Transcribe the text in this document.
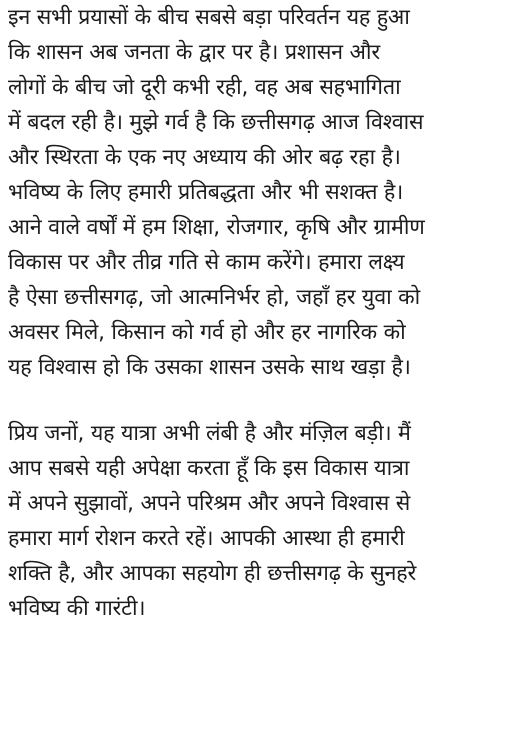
इन सभी प्रयासों के बीच सबसे बड़ा परिवर्तन यह हुआ
कि शासन अब जनता के द्वार पर है। प्रशासन और
लोगों के बीच जो दूरी कभी रही, वह अब सहभागिता
में बदल रही है। मुझे गर्व है कि छत्तीसगढ़ आज विश्वास
और स्थिरता के एक नए अध्याय की ओर बढ़ रहा है।
भविष्य के लिए हमारी प्रतिबद्धता और भी सशक्त है।
आने वाले वर्षों में हम शिक्षा, रोजगार, कृषि और ग्रामीण
विकास पर और तीव्र गति से काम करेंगे। हमारा लक्ष्य
है ऐसा छत्तीसगढ़, जो आत्मनिर्भर हो, जहाँ हर युवा को
अवसर मिले, किसान को गर्व हो और हर नागरिक को
यह विश्वास हो कि उसका शासन उसके साथ खड़ा है।
प्रिय जनों, यह यात्रा अभी लंबी है और मंज़िल बड़ी। मैं
आप सबसे यही अपेक्षा करता हूँ कि इस विकास यात्रा
में अपने सुझावों, अपने परिश्रम और अपने विश्वास से
हमारा मार्ग रोशन करते रहें। आपकी आस्था ही हमारी
शक्ति है, और आपका सहयोग ही छत्तीसगढ़ के सुनहरे
भविष्य की गारंटी।
